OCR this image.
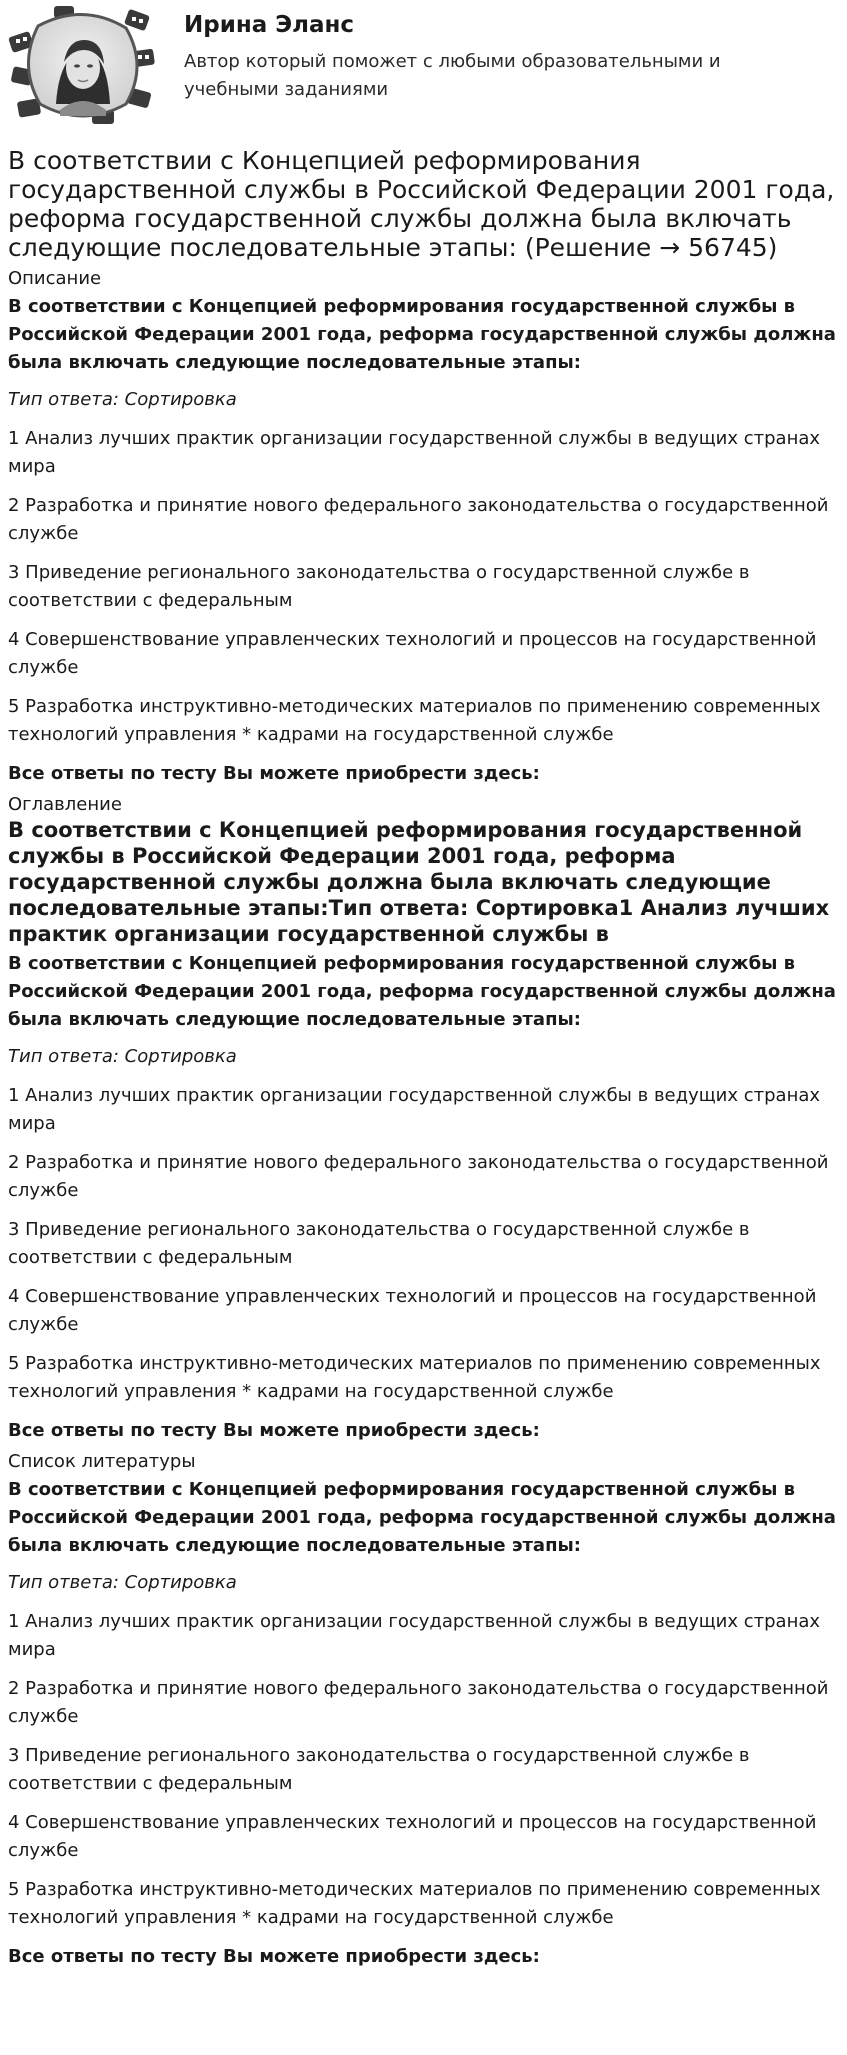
Ирина Эланс
Автор который поможет с любыми образовательными и учебными заданиями
В соответствии с Концепцией реформирования государственной службы в Российской Федерации 2001 года, реформа государственной службы должна была включать следующие последовательные этапы: (Решение → 56745)
Описание

В соответствии с Концепцией реформирования государственной службы в Российской Федерации 2001 года, реформа государственной службы должна была включать следующие последовательные этапы:

Тип ответа: Сортировка
1 Анализ лучших практик организации государственной службы в ведущих странах мира
2 Разработка и принятие нового федерального законодательства о государственной службе
3 Приведение регионального законодательства о государственной службе в соответствии с федеральным
4 Совершенствование управленческих технологий и процессов на государственной службе
5 Разработка инструктивно-методических материалов по применению современных технологий управления * кадрами на государственной службе
Все ответы по тесту Вы можете приобрести здесь:
Оглавление
В соответствии с Концепцией реформирования государственной службы в Российской Федерации 2001 года, реформа государственной службы должна была включать следующие последовательные этапы:Тип ответа: Сортировка1 Анализ лучших практик организации государственной службы в

В соответствии с Концепцией реформирования государственной службы в Российской Федерации 2001 года, реформа государственной службы должна была включать следующие последовательные этапы:

Тип ответа: Сортировка
1 Анализ лучших практик организации государственной службы в ведущих странах мира
2 Разработка и принятие нового федерального законодательства о государственной службе
3 Приведение регионального законодательства о государственной службе в соответствии с федеральным
4 Совершенствование управленческих технологий и процессов на государственной службе
5 Разработка инструктивно-методических материалов по применению современных технологий управления * кадрами на государственной службе
Все ответы по тесту Вы можете приобрести здесь:
Список литературы

В соответствии с Концепцией реформирования государственной службы в Российской Федерации 2001 года, реформа государственной службы должна была включать следующие последовательные этапы:

Тип ответа: Сортировка
1 Анализ лучших практик организации государственной службы в ведущих странах мира
2 Разработка и принятие нового федерального законодательства о государственной службе
3 Приведение регионального законодательства о государственной службе в соответствии с федеральным
4 Совершенствование управленческих технологий и процессов на государственной службе
5 Разработка инструктивно-методических материалов по применению современных технологий управления * кадрами на государственной службе
Все ответы по тесту Вы можете приобрести здесь:
